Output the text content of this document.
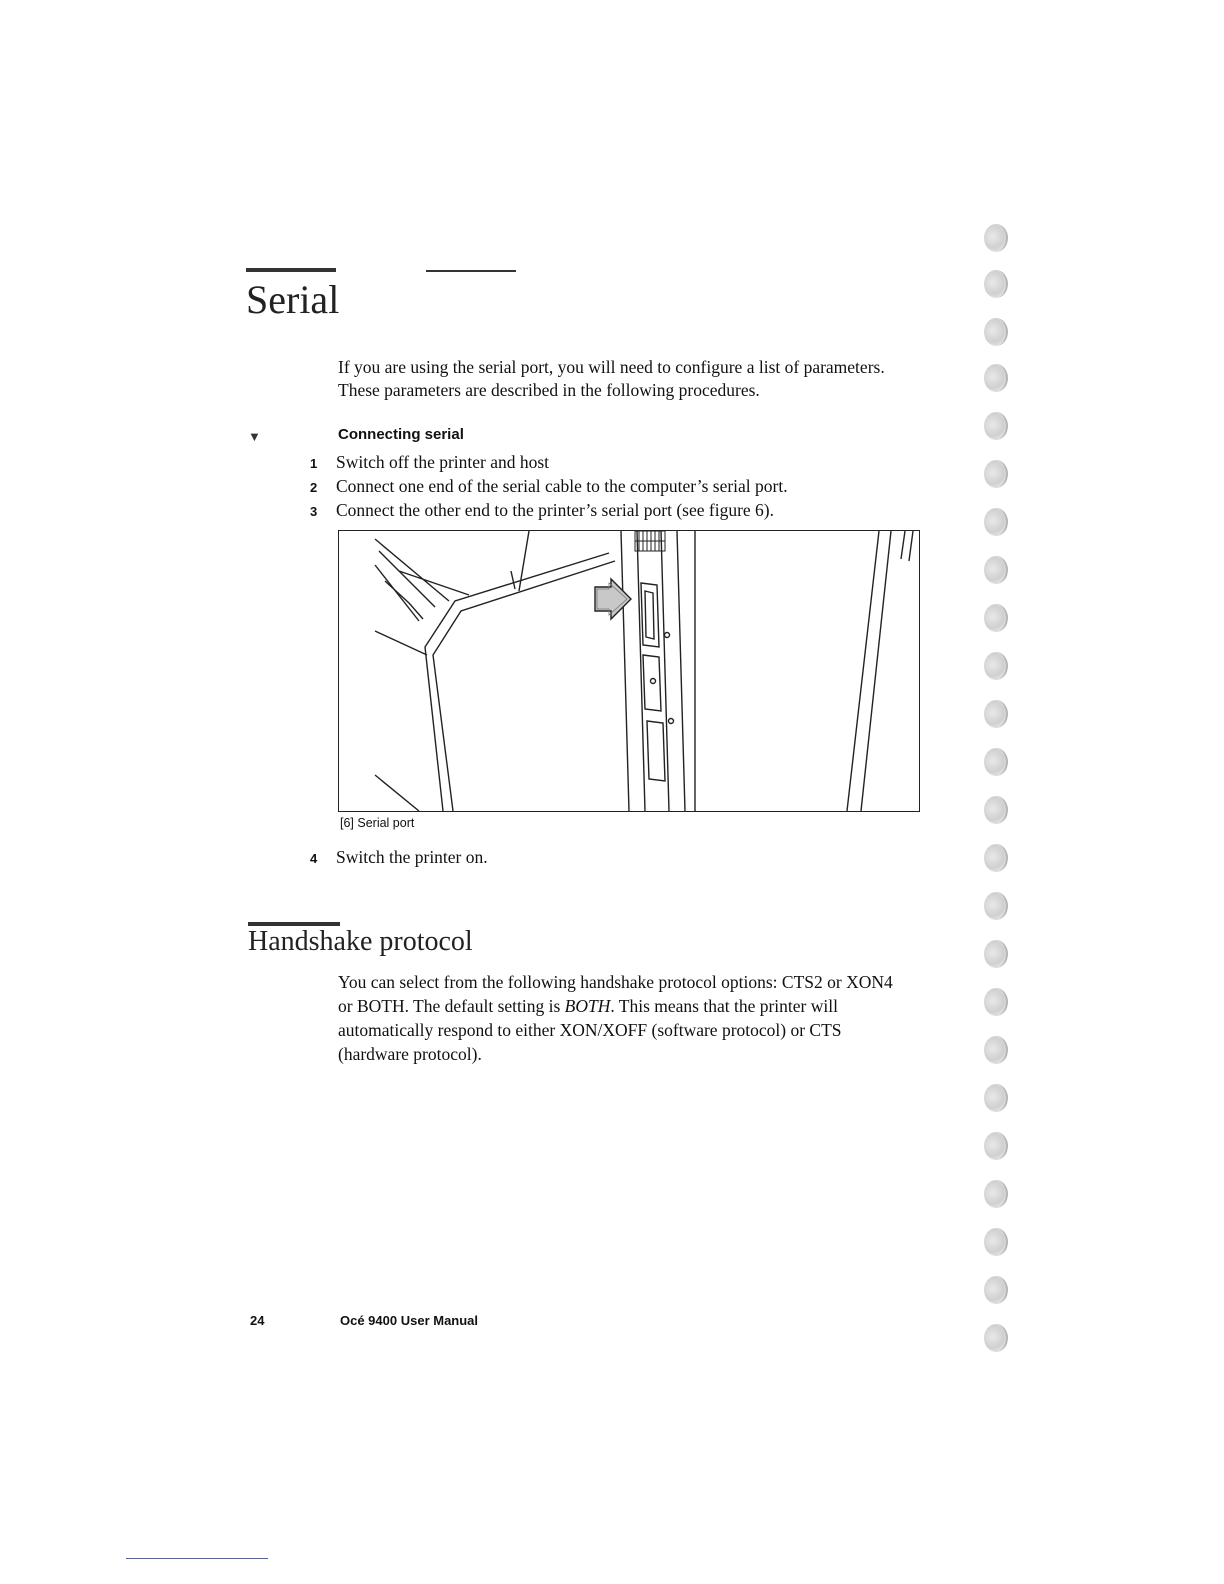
Serial

If you are using the serial port, you will need to configure a list of parameters.

These parameters are described in the following procedures.

▼	Connecting serial
1 Switch off the printer and host
2 Connect one end of the serial cable to the computer’s serial port.
3 Connect the other end to the printer’s serial port (see figure 6).
[6] Serial port
4 Switch the printer on.
Handshake protocol

You can select from the following handshake protocol options: CTS2 or XON4

or BOTH. The default setting is BOTH. This means that the printer will

automatically respond to either XON/XOFF (software protocol) or CTS

(hardware protocol).

24	Océ 9400 User Manual
